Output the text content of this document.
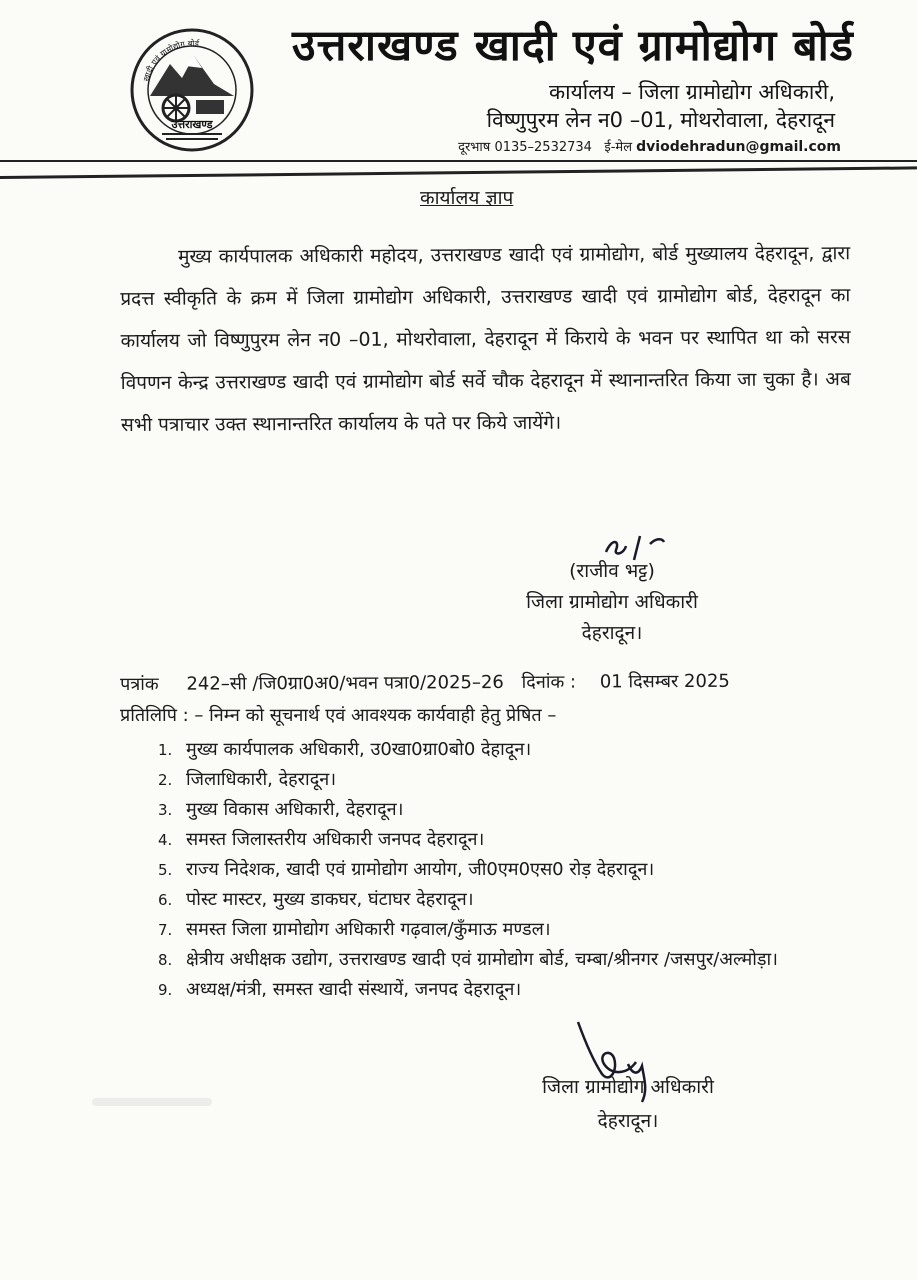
उत्तराखण्ड
खादी एवं ग्रामोद्योग बोर्ड उत्तराखण्ड खादी एवं ग्रामोद्योग बोर्ड
कार्यालय – जिला ग्रामोद्योग अधिकारी,
विष्णुपुरम लेन न0 –01, मोथरोवाला, देहरादून
दूरभाष 0135–2532734 ई-मेल dviodehradun@gmail.com
कार्यालय ज्ञाप
मुख्य कार्यपालक अधिकारी महोदय, उत्तराखण्ड खादी एवं ग्रामोद्योग, बोर्ड मुख्यालय देहरादून, द्वारा प्रदत्त स्वीकृति के क्रम में जिला ग्रामोद्योग अधिकारी, उत्तराखण्ड खादी एवं ग्रामोद्योग बोर्ड, देहरादून का कार्यालय जो विष्णुपुरम लेन न0 –01, मोथरोवाला, देहरादून में किराये के भवन पर स्थापित था को सरस विपणन केन्द्र उत्तराखण्ड खादी एवं ग्रामोद्योग बोर्ड सर्वे चौक देहरादून में स्थानान्तरित किया जा चुका है। अब सभी पत्राचार उक्त स्थानान्तरित कार्यालय के पते पर किये जायेंगे।
(राजीव भट्ट)
जिला ग्रामोद्योग अधिकारी
देहरादून।
पत्रांक 242–सी /जि0ग्रा0अ0/भवन पत्रा0/2025–26 दिनांक : 01 दिसम्बर 2025
प्रतिलिपि : – निम्न को सूचनार्थ एवं आवश्यक कार्यवाही हेतु प्रेषित –
1. मुख्य कार्यपालक अधिकारी, उ0खा0ग्रा0बो0 देहादून।
2. जिलाधिकारी, देहरादून।
3. मुख्य विकास अधिकारी, देहरादून।
4. समस्त जिलास्तरीय अधिकारी जनपद देहरादून।
5. राज्य निदेशक, खादी एवं ग्रामोद्योग आयोग, जी0एम0एस0 रोड़ देहरादून।
6. पोस्ट मास्टर, मुख्य डाकघर, घंटाघर देहरादून।
7. समस्त जिला ग्रामोद्योग अधिकारी गढ़वाल/कुँमाऊ मण्डल।
8. क्षेत्रीय अधीक्षक उद्योग, उत्तराखण्ड खादी एवं ग्रामोद्योग बोर्ड, चम्बा/श्रीनगर /जसपुर/अल्मोड़ा।
9. अध्यक्ष/मंत्री, समस्त खादी संस्थायें, जनपद देहरादून।
जिला ग्रामोद्योग अधिकारी
देहरादून।
